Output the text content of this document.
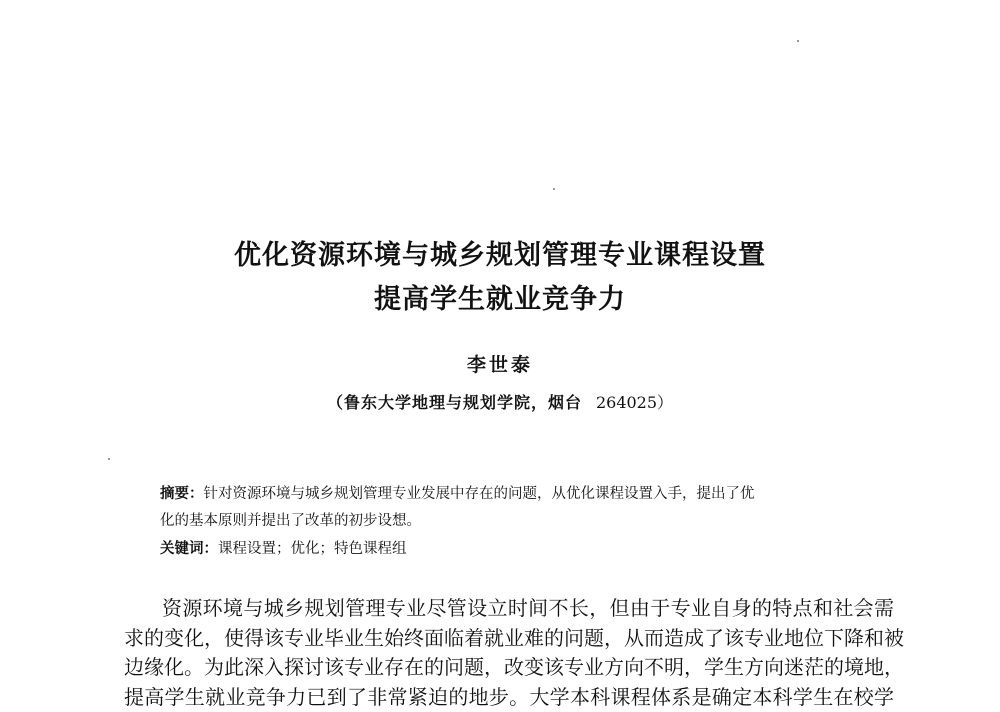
优化资源环境与城乡规划管理专业课程设置
提高学生就业竞争力
李世泰
（鲁东大学地理与规划学院，烟台 264025）

摘要：针对资源环境与城乡规划管理专业发展中存在的问题，从优化课程设置入手，提出了优

化的基本原则并提出了改革的初步设想。

关键词：课程设置；优化；特色课程组
资源环境与城乡规划管理专业尽管设立时间不长，但由于专业自身的特点和社会需
求的变化，使得该专业毕业生始终面临着就业难的问题，从而造成了该专业地位下降和被
边缘化。为此深入探讨该专业存在的问题，改变该专业方向不明，学生方向迷茫的境地，
提高学生就业竞争力已到了非常紧迫的地步。大学本科课程体系是确定本科学生在校学
